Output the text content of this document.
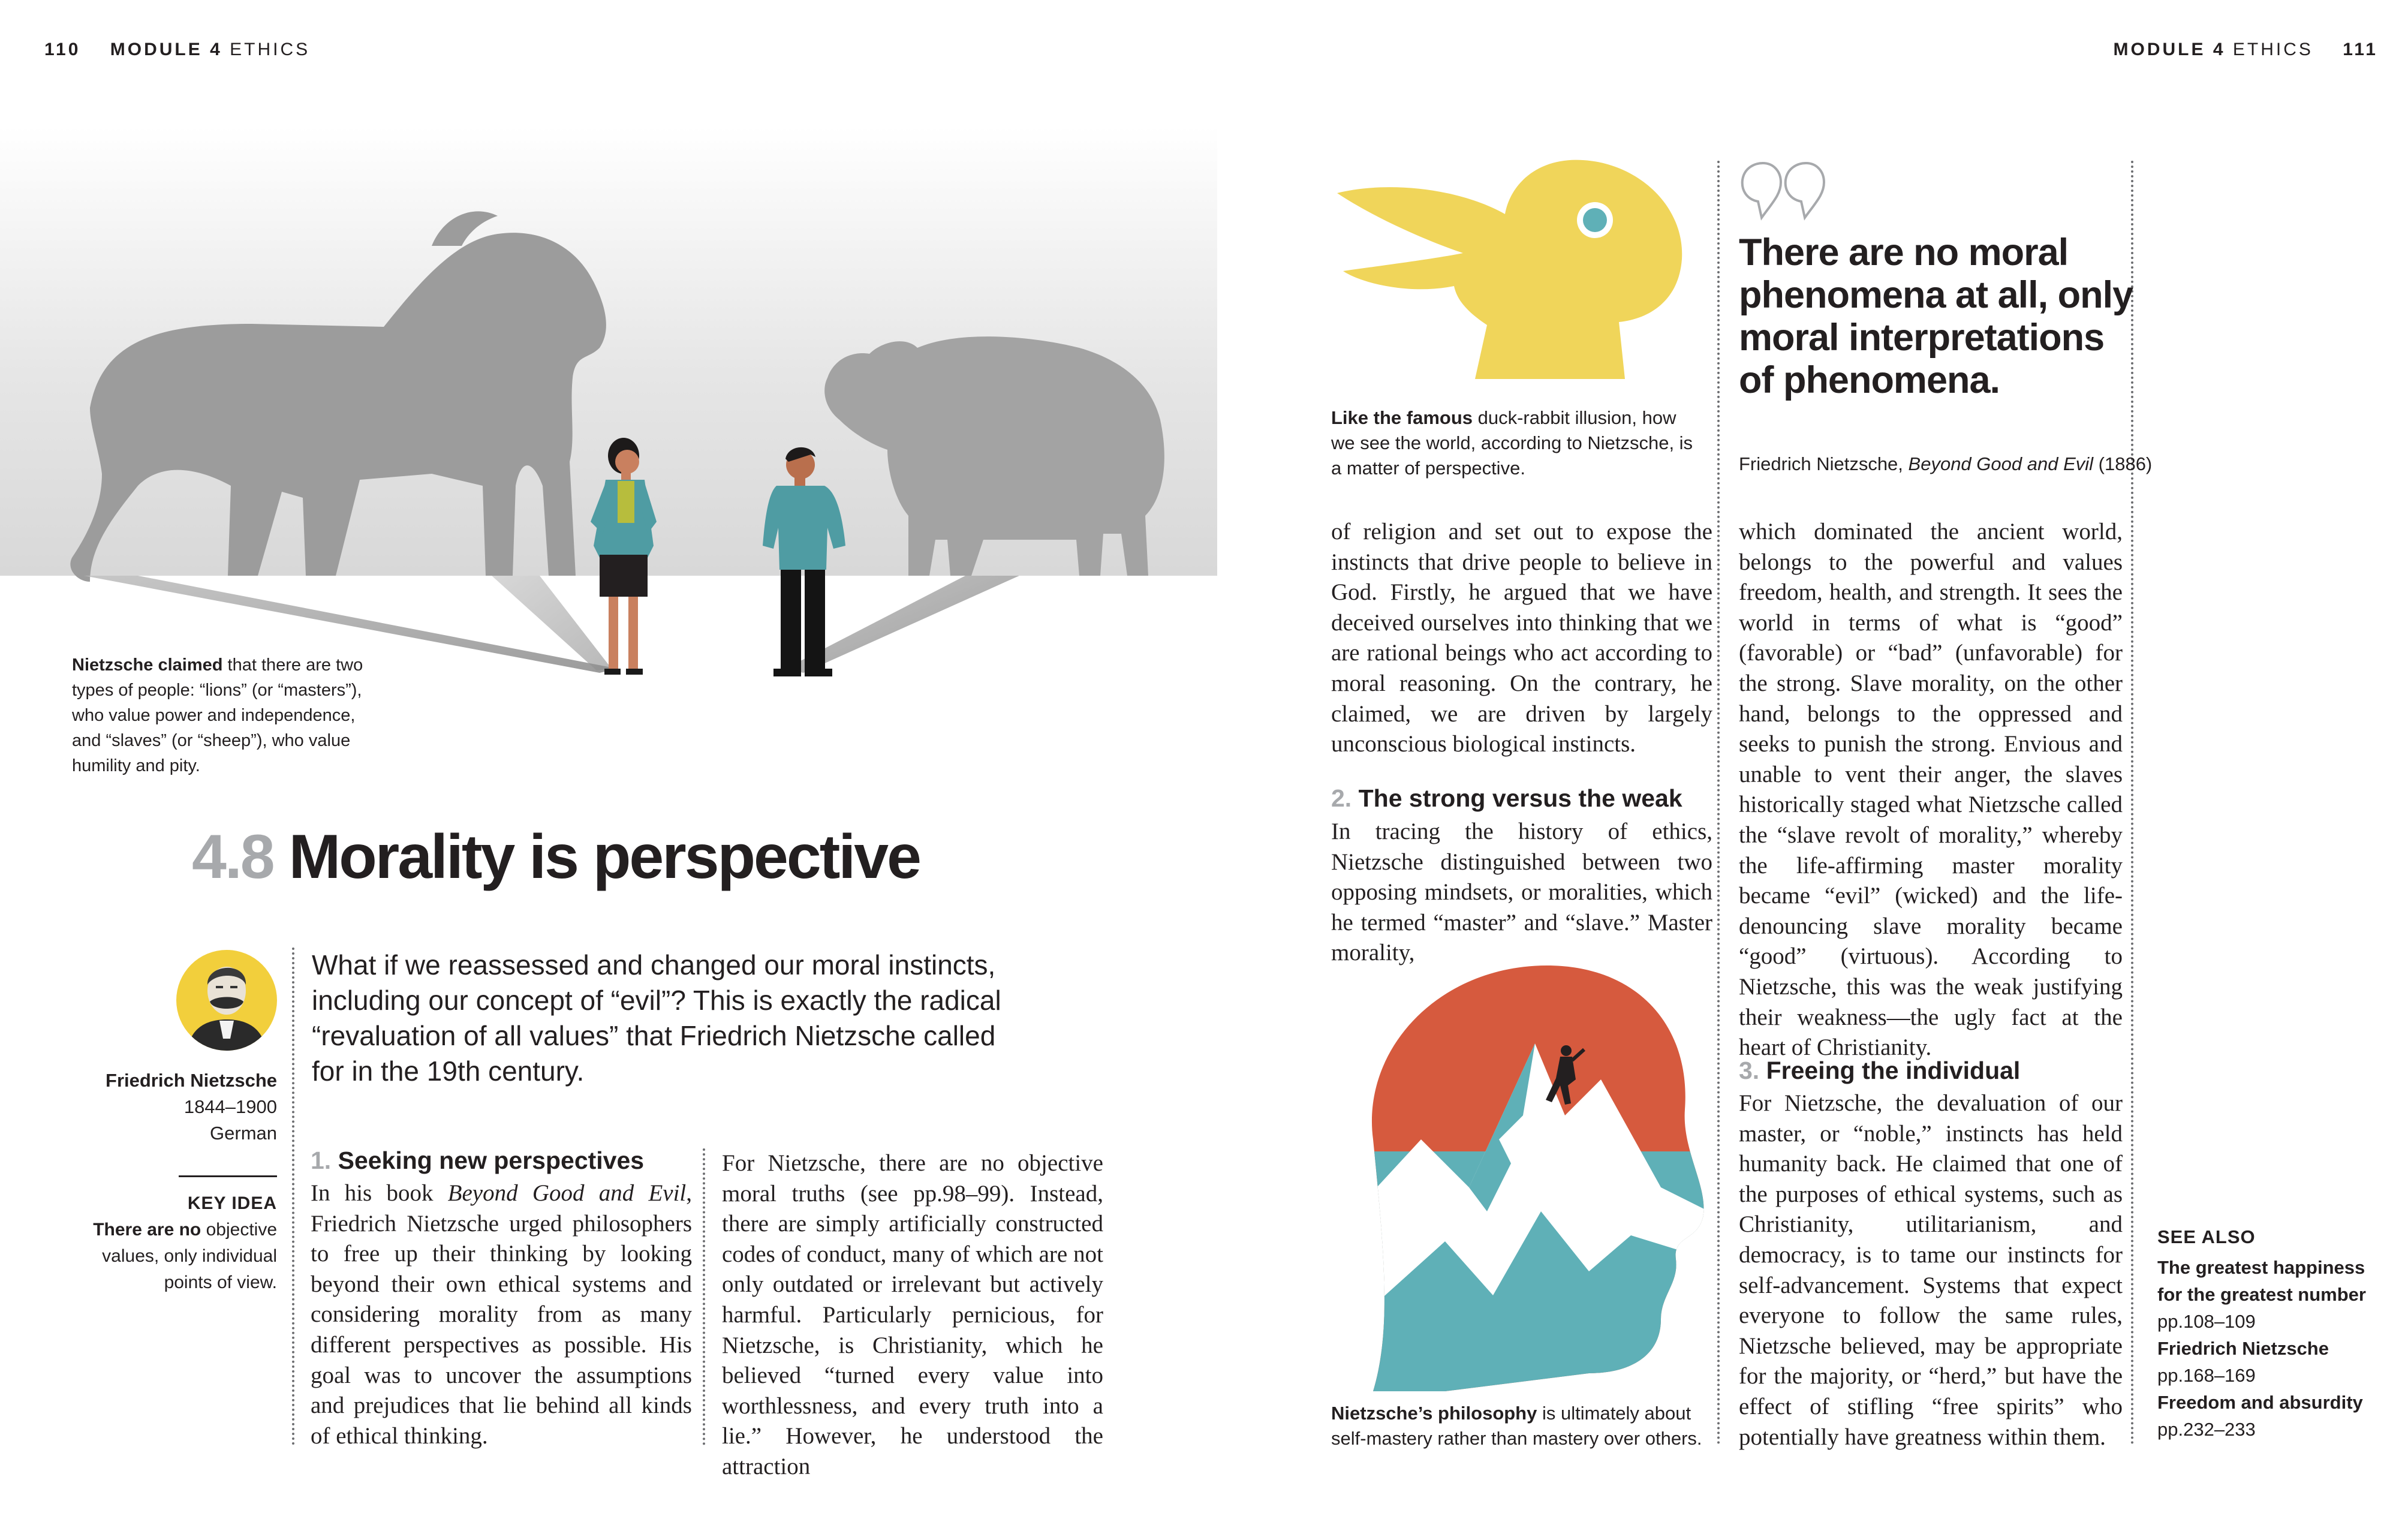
110 MODULE 4 ETHICS	MODULE 4 ETHICS 111
Nietzsche claimed that there are two
types of people: “lions” (or “masters”),
who value power and independence,
and “slaves” (or “sheep”), who value
humility and pity.
4.8 Morality is perspective
Friedrich Nietzsche
1844–1900
German
KEY IDEA
There are no objective
values, only individual
points of view.
What if we reassessed and changed our moral instincts, including our concept of “evil”? This is exactly the radical “revaluation of all values” that Friedrich Nietzsche called for in the 19th century.
1. Seeking new perspectives
In his book Beyond Good and Evil, Friedrich Nietzsche urged philosophers to free up their thinking by looking beyond their own ethical systems and considering morality from as many different perspectives as possible. His goal was to uncover the assumptions and prejudices that lie behind all kinds of ethical thinking.
For Nietzsche, there are no objective moral truths (see pp.98–99). Instead, there are simply artificially constructed codes of conduct, many of which are not only outdated or irrelevant but actively harmful. Particularly pernicious, for Nietzsche, is Christianity, which he believed “turned every value into worthlessness, and every truth into a lie.” However, he understood the attraction
Like the famous duck-rabbit illusion, how
we see the world, according to Nietzsche, is
a matter of perspective.
of religion and set out to expose the instincts that drive people to believe in God. Firstly, he argued that we have deceived ourselves into thinking that we are rational beings who act according to moral reasoning. On the contrary, he claimed, we are driven by largely unconscious biological instincts.
2. The strong versus the weak
In tracing the history of ethics, Nietzsche distinguished between two opposing mindsets, or moralities, which he termed “master” and “slave.” Master morality,
Nietzsche’s philosophy is ultimately about
self-mastery rather than mastery over others.
There are no moral phenomena at all, only moral interpretations of phenomena.
Friedrich Nietzsche, Beyond Good and Evil (1886)
which dominated the ancient world, belongs to the powerful and values freedom, health, and strength. It sees the world in terms of what is “good” (favorable) or “bad” (unfavorable) for the strong. Slave morality, on the other hand, belongs to the oppressed and seeks to punish the strong. Envious and unable to vent their anger, the slaves historically staged what Nietzsche called the “slave revolt of morality,” whereby the life-affirming master morality became “evil” (wicked) and the life-denouncing slave morality became “good” (virtuous). According to Nietzsche, this was the weak justifying their weakness—the ugly fact at the heart of Christianity.
3. Freeing the individual
For Nietzsche, the devaluation of our master, or “noble,” instincts has held humanity back. He claimed that one of the purposes of ethical systems, such as Christianity, utilitarianism, and democracy, is to tame our instincts for self-advancement. Systems that expect everyone to follow the same rules, Nietzsche believed, may be appropriate for the majority, or “herd,” but have the effect of stifling “free spirits” who potentially have greatness within them.
SEE ALSO
The greatest happiness
for the greatest number
pp.108–109
Friedrich Nietzsche
pp.168–169
Freedom and absurdity
pp.232–233
